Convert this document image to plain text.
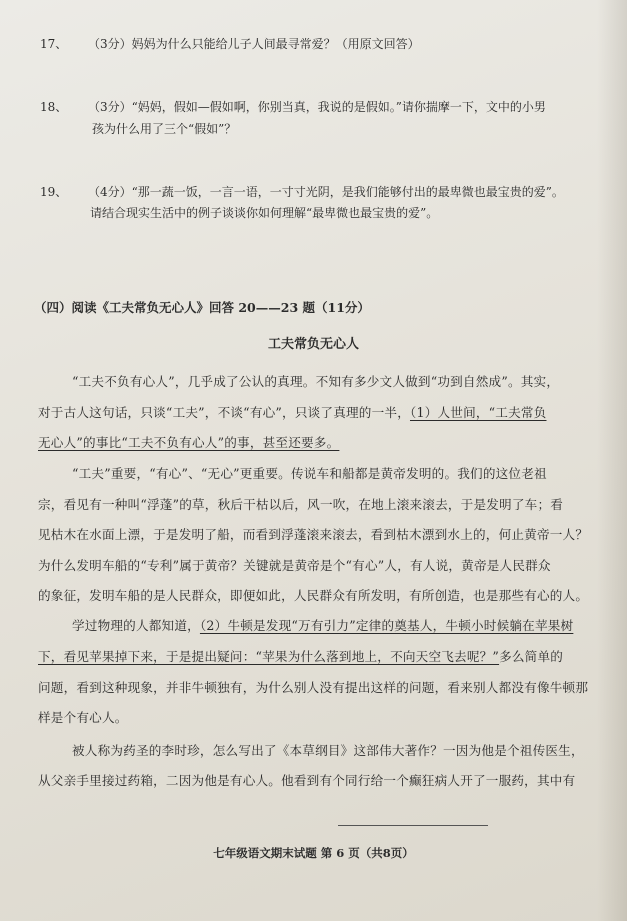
17、 （3分）妈妈为什么只能给儿子人间最寻常爱？（用原文回答）
18、 （3分）“妈妈，假如—假如啊，你别当真，我说的是假如。”请你揣摩一下，文中的小男
孩为什么用了三个“假如”？
19、 （4分）“那一蔬一饭，一言一语，一寸寸光阴，是我们能够付出的最卑微也最宝贵的爱”。
请结合现实生活中的例子谈谈你如何理解“最卑微也最宝贵的爱”。
（四）阅读《工夫常负无心人》回答 20——23 题（11分）
工夫常负无心人
“工夫不负有心人”，几乎成了公认的真理。不知有多少文人做到“功到自然成”。其实，
对于古人这句话，只谈“工夫”，不谈“有心”，只谈了真理的一半，（1）人世间，“工夫常负
无心人”的事比“工夫不负有心人”的事，甚至还要多。
“工夫”重要，“有心”、“无心”更重要。传说车和船都是黄帝发明的。我们的这位老祖
宗，看见有一种叫“浮蓬”的草，秋后干枯以后，风一吹，在地上滚来滚去，于是发明了车；看
见枯木在水面上漂，于是发明了船，而看到浮蓬滚来滚去，看到枯木漂到水上的，何止黄帝一人？
为什么发明车船的“专利”属于黄帝？关键就是黄帝是个“有心”人，有人说，黄帝是人民群众
的象征，发明车船的是人民群众，即便如此，人民群众有所发明，有所创造，也是那些有心的人。
学过物理的人都知道，（2）牛顿是发现“万有引力”定律的奠基人，牛顿小时候躺在苹果树
下，看见苹果掉下来，于是提出疑问：“苹果为什么落到地上，不向天空飞去呢？”多么简单的
问题，看到这种现象，并非牛顿独有，为什么别人没有提出这样的问题，看来别人都没有像牛顿那
样是个有心人。
被人称为药圣的李时珍，怎么写出了《本草纲目》这部伟大著作？一因为他是个祖传医生，
从父亲手里接过药箱，二因为他是有心人。他看到有个同行给一个癫狂病人开了一服药，其中有
七年级语文期末试题 第 6 页（共8页）
